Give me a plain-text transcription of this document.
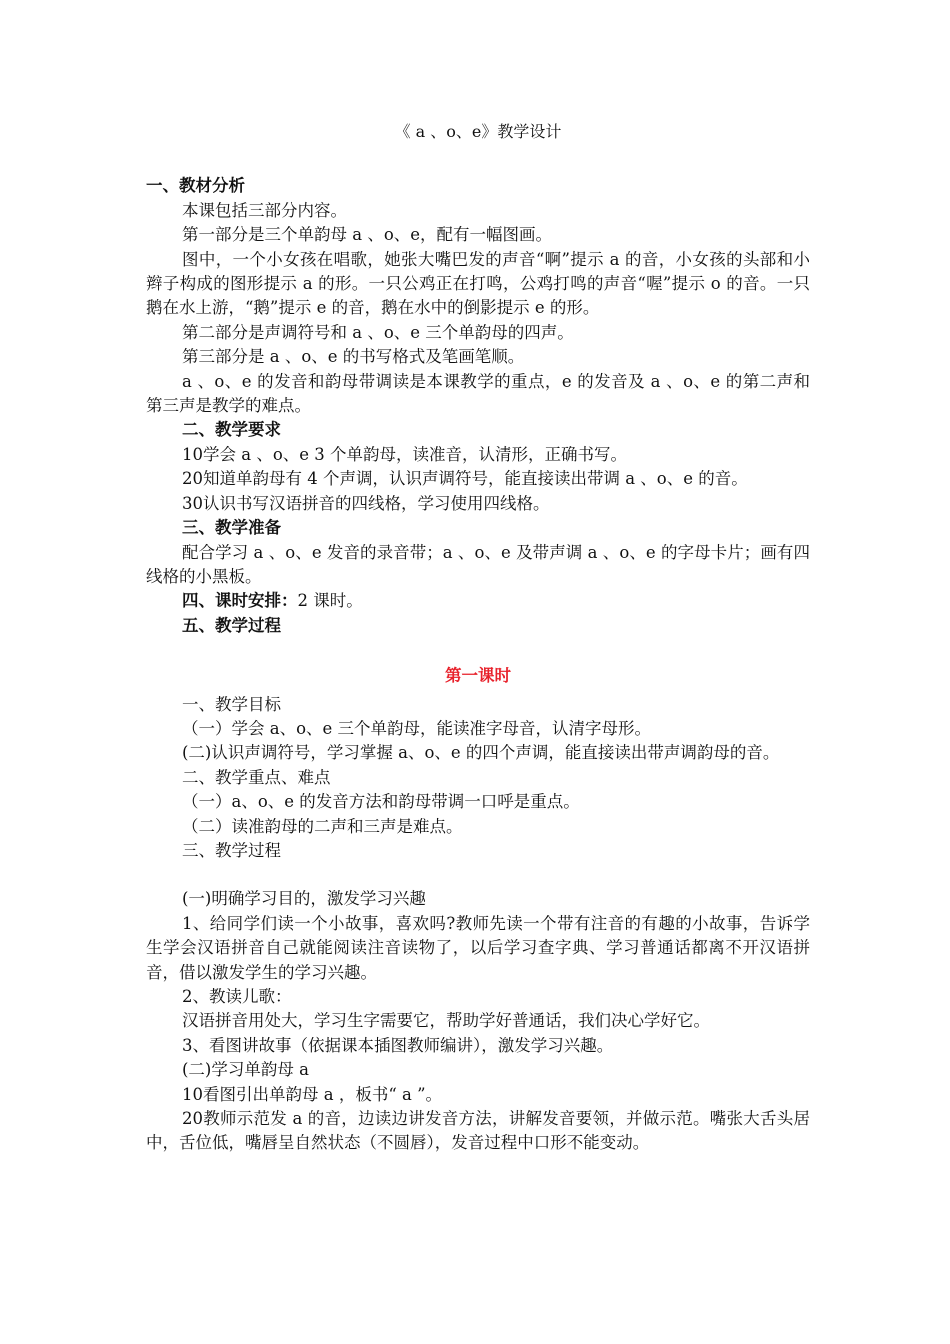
《 a 、o、e》教学设计

一、教材分析

本课包括三部分内容。

第一部分是三个单韵母 a 、o、e，配有一幅图画。

图中，一个小女孩在唱歌，她张大嘴巴发的声音“啊”提示 a 的音，小女孩的头部和小辫子构成的图形提示 a 的形。一只公鸡正在打鸣，公鸡打鸣的声音“喔”提示 o 的音。一只鹅在水上游，“鹅”提示 e 的音，鹅在水中的倒影提示 e 的形。

第二部分是声调符号和 a 、o、e 三个单韵母的四声。

第三部分是 a 、o、e 的书写格式及笔画笔顺。

a 、o、e 的发音和韵母带调读是本课教学的重点，e 的发音及 a 、o、e 的第二声和第三声是教学的难点。

二、教学要求

10学会 a 、o、e 3 个单韵母，读准音，认清形，正确书写。

20知道单韵母有 4 个声调，认识声调符号，能直接读出带调 a 、o、e 的音。

30认识书写汉语拼音的四线格，学习使用四线格。

三、教学准备

配合学习 a 、o、e 发音的录音带；a 、o、e 及带声调 a 、o、e 的字母卡片；画有四线格的小黑板。

四、课时安排：2 课时。

五、教学过程

第一课时

一、教学目标

（一）学会 a、o、e 三个单韵母，能读准字母音，认清字母形。

(二)认识声调符号，学习掌握 a、o、e 的四个声调，能直接读出带声调韵母的音。

二、教学重点、难点

（一）a、o、e 的发音方法和韵母带调一口呼是重点。

（二）读准韵母的二声和三声是难点。

三、教学过程

(一)明确学习目的，激发学习兴趣

1、给同学们读一个小故事，喜欢吗?教师先读一个带有注音的有趣的小故事，告诉学生学会汉语拼音自己就能阅读注音读物了，以后学习查字典、学习普通话都离不开汉语拼音，借以激发学生的学习兴趣。

2、教读儿歌：

汉语拼音用处大，学习生字需要它，帮助学好普通话，我们决心学好它。

3、看图讲故事（依据课本插图教师编讲），激发学习兴趣。

(二)学习单韵母 a

10看图引出单韵母 a ，板书“ a ”。

20教师示范发 a 的音，边读边讲发音方法，讲解发音要领，并做示范。嘴张大舌头居中，舌位低，嘴唇呈自然状态（不圆唇），发音过程中口形不能变动。
